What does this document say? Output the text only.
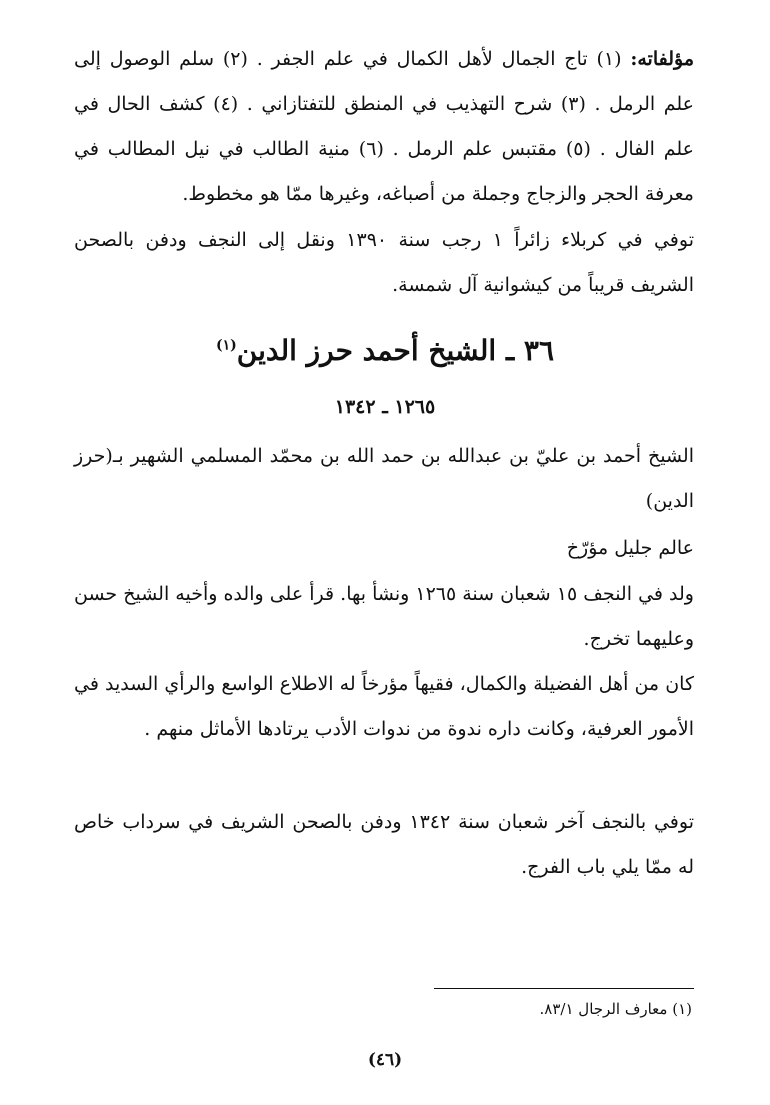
مؤلفاته: (١) تاج الجمال لأهل الكمال في علم الجفر . (٢) سلم الوصول إلى علم الرمل . (٣) شرح التهذيب في المنطق للتفتازاني . (٤) كشف الحال في علم الفال . (٥) مقتبس علم الرمل . (٦) منية الطالب في نيل المطالب في معرفة الحجر والزجاج وجملة من أصباغه، وغيرها ممّا هو مخطوط.
توفي في كربلاء زائراً ١ رجب سنة ١٣٩٠ ونقل إلى النجف ودفن بالصحن الشريف قريباً من كيشوانية آل شمسة.
٣٦ ـ الشيخ أحمد حرز الدين$^{(١)}$
١٢٦٥ ـ ١٣٤٢
الشيخ أحمد بن عليّ بن عبدالله بن حمد الله بن محمّد المسلمي الشهير بـ(حرز الدين)
عالم جليل مؤرّخ
ولد في النجف ١٥ شعبان سنة ١٢٦٥ ونشأ بها. قرأ على والده وأخيه الشيخ حسن وعليهما تخرج.
كان من أهل الفضيلة والكمال، فقيهاً مؤرخاً له الاطلاع الواسع والرأي السديد في الأمور العرفية، وكانت داره ندوة من ندوات الأدب يرتادها الأماثل منهم .
توفي بالنجف آخر شعبان سنة ١٣٤٢ ودفن بالصحن الشريف في سرداب خاص له ممّا يلي باب الفرج.
(١) معارف الرجال ٨٣/١.
(٤٦)
